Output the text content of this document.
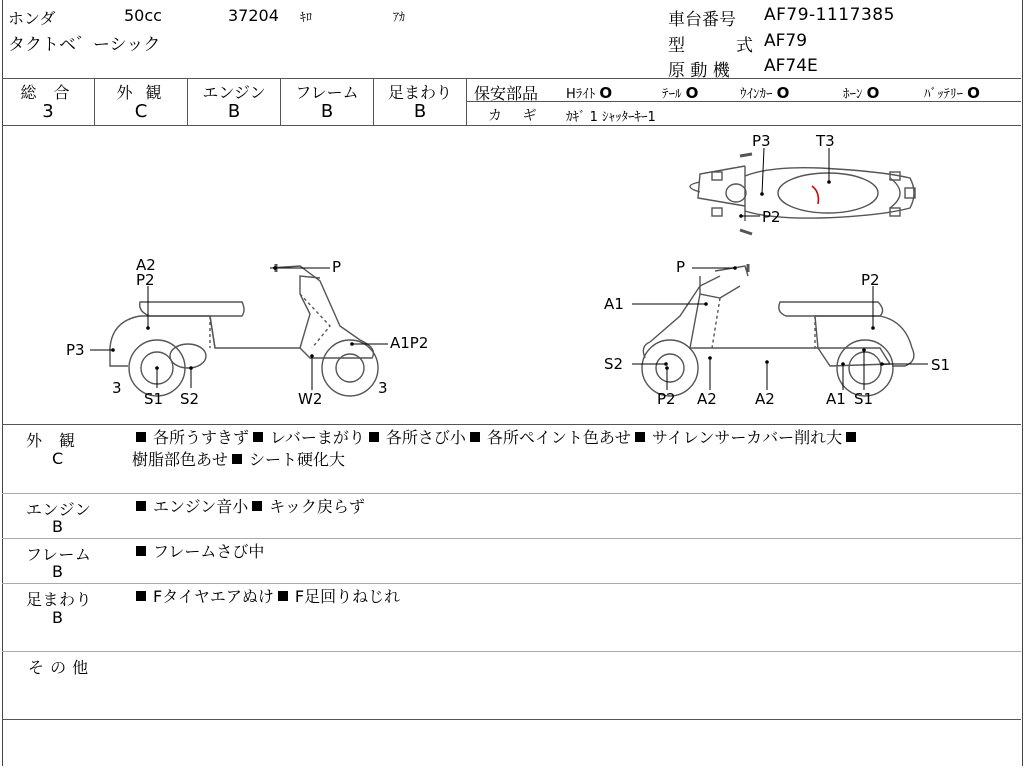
ホンダ	50cc	37204 ｷﾛ	ｱｶ
タクトベ゛ーシック
車台番号 AF79-1117385
型	式 AF79
原 動 機 AF74E
総 合
3
外 観
C
エンジン
B
フレーム
B
足まわり
B
保安部品 Hﾗｲﾄ O	ﾃｰﾙ O	ｳｲﾝｶｰ O	ﾎｰﾝ O	ﾊﾞｯﾃﾘｰ O
カ ギ ｶｷﾞ 1 ｼｬｯﾀｰｷｰ1
P3	T3
P2
A2
P2
P
P3	A1P2
3	3
S1 S2	W2
P
P2
A1
S2	S1
P2 A2	A2	A1 S1
外　観
C
各所うすきず レバーまがり 各所さび小 各所ペイント色あせ サイレンサーカバー削れ大
樹脂部色あせ シート硬化大
エンジン
B
エンジン音小 キック戻らず
フレーム
B
フレームさび中
足まわり
B
Fタイヤエアぬけ F足回りねじれ
そ の 他
